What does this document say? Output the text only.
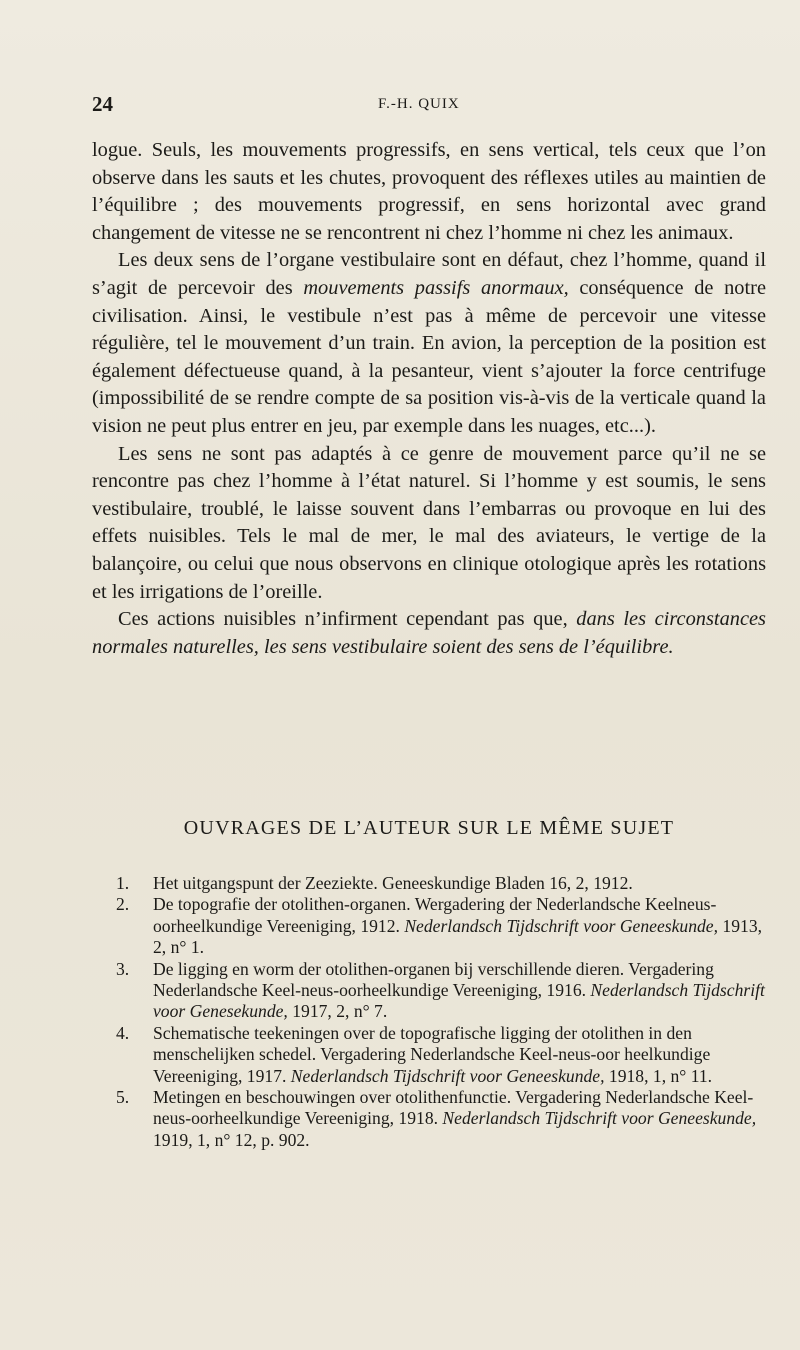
24	F.-H. QUIX

logue. Seuls, les mouvements progressifs, en sens vertical, tels ceux que l’on observe dans les sauts et les chutes, provoquent des réflexes utiles au maintien de l’équilibre ; des mouvements progressif, en sens horizontal avec grand changement de vitesse ne se rencontrent ni chez l’homme ni chez les animaux.

Les deux sens de l’organe vestibulaire sont en défaut, chez l’homme, quand il s’agit de percevoir des mouvements passifs anormaux, conséquence de notre civilisation. Ainsi, le vestibule n’est pas à même de percevoir une vitesse régulière, tel le mouvement d’un train. En avion, la perception de la position est également défectueuse quand, à la pesanteur, vient s’ajouter la force centrifuge (impossibilité de se rendre compte de sa position vis-à-vis de la verticale quand la vision ne peut plus entrer en jeu, par exemple dans les nuages, etc...).

Les sens ne sont pas adaptés à ce genre de mouvement parce qu’il ne se rencontre pas chez l’homme à l’état naturel. Si l’homme y est soumis, le sens vestibulaire, troublé, le laisse souvent dans l’embarras ou provoque en lui des effets nuisibles. Tels le mal de mer, le mal des aviateurs, le vertige de la balançoire, ou celui que nous observons en clinique otologique après les rotations et les irrigations de l’oreille.

Ces actions nuisibles n’infirment cependant pas que, dans les circonstances normales naturelles, les sens vestibulaire soient des sens de l’équilibre.

OUVRAGES DE L’AUTEUR SUR LE MÊME SUJET
1. Het uitgangspunt der Zeeziekte. Geneeskundige Bladen 16, 2, 1912.
2. De topografie der otolithen-organen. Wergadering der Nederlandsche Keelneus-oorheelkundige Vereeniging, 1912. Nederlandsch Tijdschrift voor Geneeskunde, 1913, 2, n° 1.
3. De ligging en worm der otolithen-organen bij verschillende dieren. Vergadering Nederlandsche Keel-neus-oorheelkundige Vereeniging, 1916. Nederlandsch Tijdschrift voor Genesekunde, 1917, 2, n° 7.
4. Schematische teekeningen over de topografische ligging der otolithen in den menschelijken schedel. Vergadering Nederlandsche Keel-neus-oor heelkundige Vereeniging, 1917. Nederlandsch Tijdschrift voor Geneeskunde, 1918, 1, n° 11.
5. Metingen en beschouwingen over otolithenfunctie. Vergadering Nederlandsche Keel-neus-oorheelkundige Vereeniging, 1918. Nederlandsch Tijdschrift voor Geneeskunde, 1919, 1, n° 12, p. 902.
